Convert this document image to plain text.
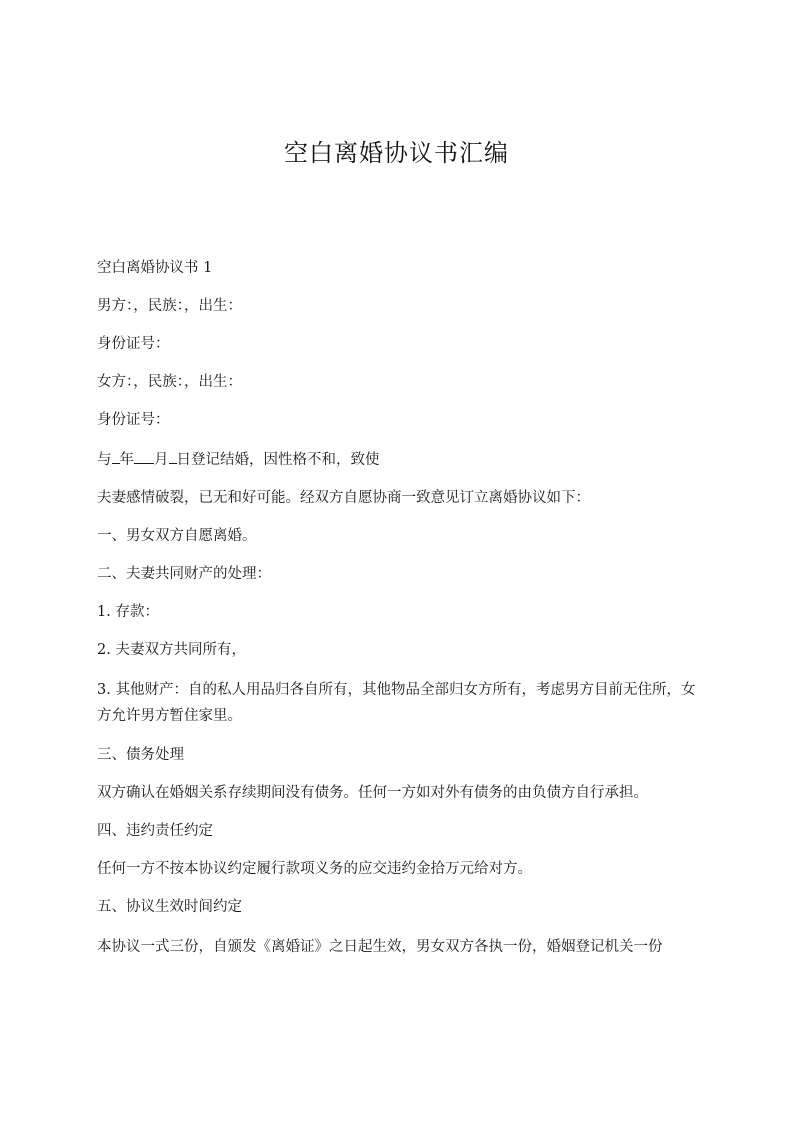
空白离婚协议书汇编

空白离婚协议书 1

男方：，民族：，出生：

身份证号：

女方：，民族：，出生：

身份证号：

与 年 月 日登记结婚，因性格不和，致使

夫妻感情破裂，已无和好可能。经双方自愿协商一致意见订立离婚协议如下：

一、男女双方自愿离婚。

二、夫妻共同财产的处理：

1. 存款：

2. 夫妻双方共同所有，

3. 其他财产：自的私人用品归各自所有，其他物品全部归女方所有，考虑男方目前无住所，女方允许男方暂住家里。

三、债务处理

双方确认在婚姻关系存续期间没有债务。任何一方如对外有债务的由负债方自行承担。

四、违约责任约定

任何一方不按本协议约定履行款项义务的应交违约金拾万元给对方。

五、协议生效时间约定

本协议一式三份，自颁发《离婚证》之日起生效，男女双方各执一份，婚姻登记机关一份
